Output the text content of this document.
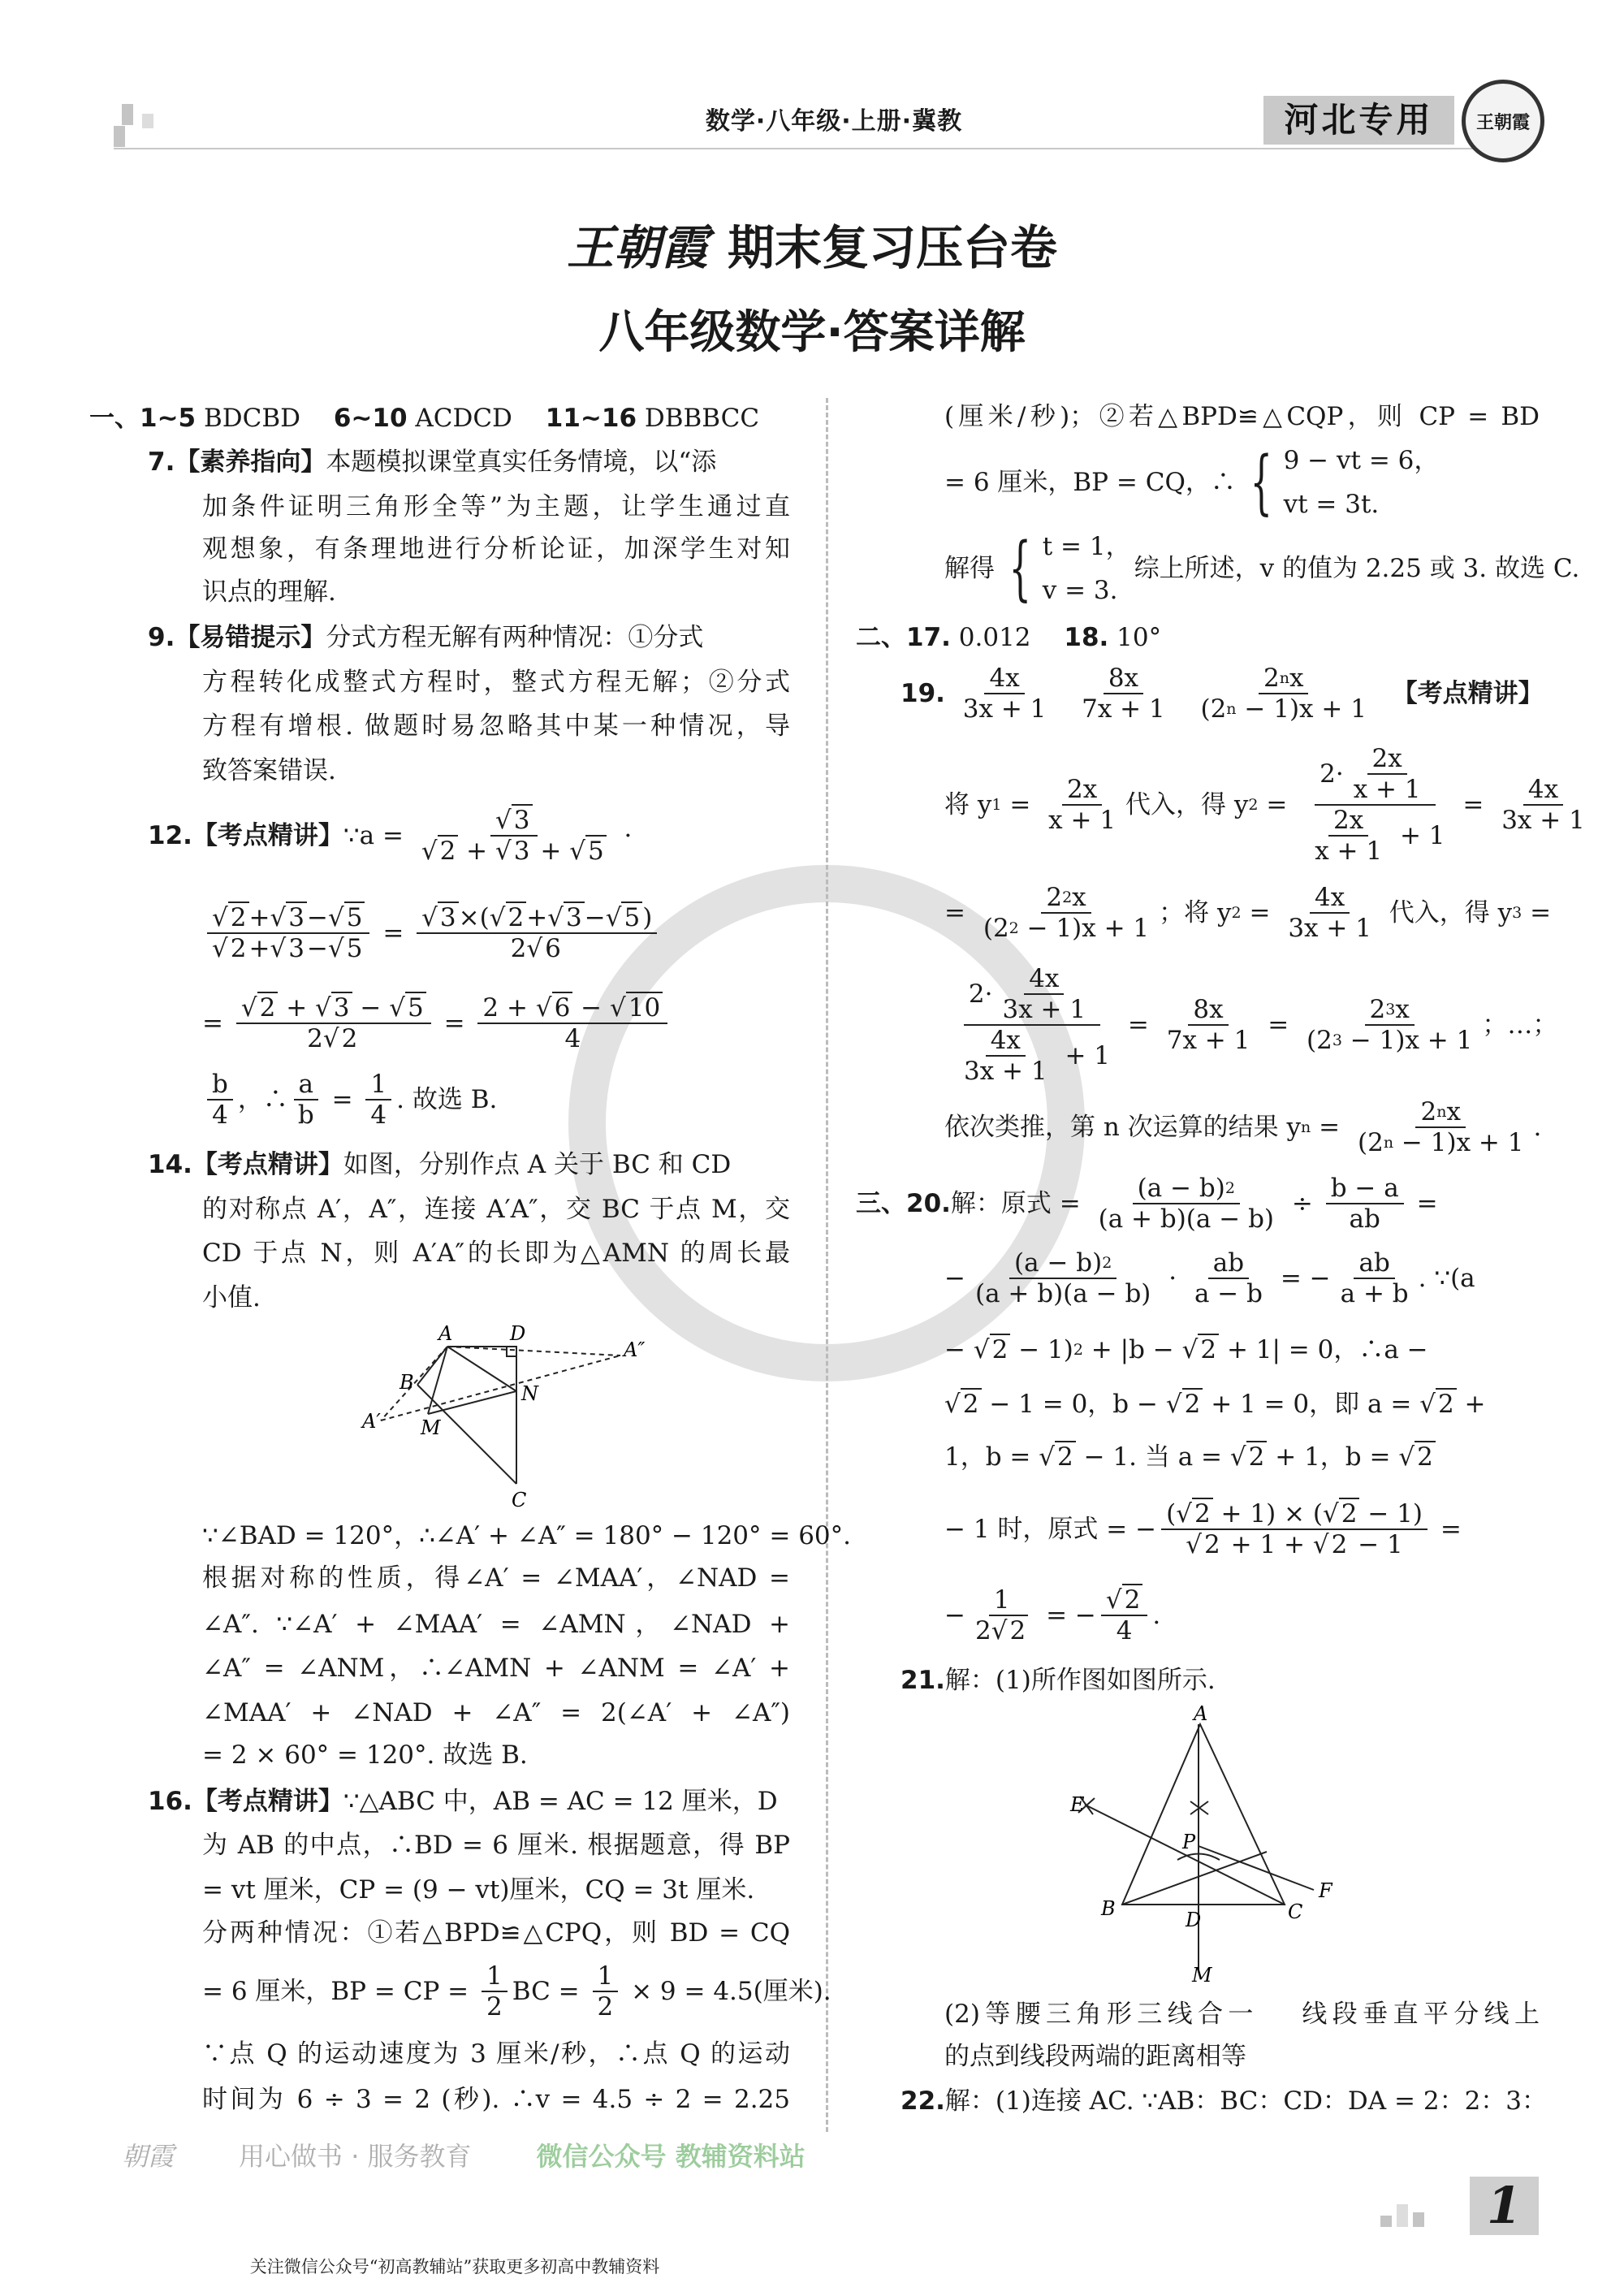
数学·八年级·上册·冀教	河北专用	王朝霞
王朝霞 期末复习压台卷
八年级数学·答案详解
朝霞	用心做书 · 服务教育	微信公众号 教辅资料站
一、1~5 BDCBD　 6~10 ACDCD　 11~16 DBBBCC
7. 【素养指向】 本题模拟课堂真实任务情境，以“添
加条件证明三角形全等”为主题，让学生通过直
观想象，有条理地进行分析论证，加深学生对知
识点的理解.
9. 【易错提示】 分式方程无解有两种情况：①分式
方程转化成整式方程时，整式方程无解；②分式
方程有增根. 做题时易忽略其中某一种情况，导
致答案错误.
12. 【考点精讲】 ∵a = $\frac{√3}{√2 + √3 + √5}$ ·
$\frac{√2 + √3 - √5}{√2 + √3 - √5} = \frac{√3 \times( √2 + √3 - √5 )}{2 √6}$
= $\frac{√2 + √3 - √5}{2 √2} = \frac{2 + √6 - √10}{4}$
$\frac{b}{4}$ ，∴ $\frac{a}{b} = \frac{1}{4}$ . 故选 B.
14. 【考点精讲】 如图，分别作点 A 关于 BC 和 CD
的对称点 A′，A″，连接 A′A″，交 BC 于点 M，交
CD 于点 N，则 A′A″的长即为△AMN 的周长最
小值.
∵∠BAD = 120°，∴∠A′ + ∠A″ = 180° − 120° = 60°.
根据对称的性质，得∠A′ = ∠MAA′，∠NAD =
∠A″. ∵∠A′ + ∠MAA′ = ∠AMN，∠NAD +
∠A″ = ∠ANM，∴∠AMN + ∠ANM = ∠A′ +
∠MAA′ + ∠NAD + ∠A″ = 2(∠A′ + ∠A″)
= 2 × 60° = 120°. 故选 B.
16. 【考点精讲】 ∵△ABC 中，AB = AC = 12 厘米，D
为 AB 的中点，∴BD = 6 厘米. 根据题意，得 BP
= vt 厘米，CP = (9 − vt)厘米，CQ = 3t 厘米.
分两种情况：①若△BPD≌△CPQ，则 BD = CQ
= 6 厘米，BP = CP = $\frac{1}{2}$ BC = $\frac{1}{2} \times 9 = 4.5$(厘米).
∵点 Q 的运动速度为 3 厘米/秒，∴点 Q 的运动
时间为 6 ÷ 3 = 2 (秒). ∴v = 4.5 ÷ 2 = 2.25
(厘米/秒)；②若△BPD≌△CQP，则 CP = BD
= 6 厘米，BP = CQ，∴ { 9 − vt = 6，
vt = 3t.
解得 { t = 1，
v = 3.
综上所述，v 的值为 2.25 或 3. 故选 C.
二、17. 0.012　 18. 10°
19.
$\frac{4x}{3x + 1}$
$\frac{8x}{7x + 1}$
$\frac{\text{2 n x}}{(2 n - 1)x + 1}$
【考点精讲】
将 y $1 = \frac{2x}{x + 1}$ 代入，得 y $2 = \frac{2\cdot \frac{2x}{x + 1}}{\frac{2x}{x + 1} + 1} = \frac{4x}{3x + 1}$
= $\frac{2 2 x}{(2 2 - 1)x + 1}$ ；将 y $2 = \frac{4x}{3x + 1}$ 代入，得 y 3 =
$\frac{2\cdot \frac{4x}{3x + 1}}{\frac{4x}{3x + 1} + 1} = \frac{8x}{7x + 1} = \frac{2 3 x}{(2 3 - 1)x + 1}$ ；…；
依次类推，第 n 次运算的结果 y $n = \frac{\text{2 n x}}{(2 n - 1)x + 1}$ .
三、20. 解：原式 = $\frac{(a - b) 2}{(a + b)(a - b)} \div \frac{b - a}{ab}$ =
− $\frac{(a - b) 2}{(a + b)(a - b)} \cdot \frac{ab}{a - b}$ = − $\frac{ab}{a + b}$ . ∵(a
− √2 − 1) 2 + |b − √2 + 1| = 0，∴a −
√2 − 1 = 0，b − √2 + 1 = 0，即 a = √2 +
1，b = √2 − 1. 当 a = √2 + 1，b = √2
− 1 时，原式 = − $\frac{( √2 + 1) \times ( √2 - 1)}{√2 + 1 + √2 - 1}$ =
− $\frac{1}{2 √2}$ = − $\frac{√2}{4}$ .
21. 解：(1)所作图如图所示.
(2)等腰三角形三线合一　 线段垂直平分线上
的点到线段两端的距离相等
22. 解：(1)连接 AC. ∵AB：BC：CD：DA = 2：2：3：
A	D
A″
B
A′ M
N
C
A
E
P
B	D	C
F
M
1
关注微信公众号“初高教辅站”获取更多初高中教辅资料
